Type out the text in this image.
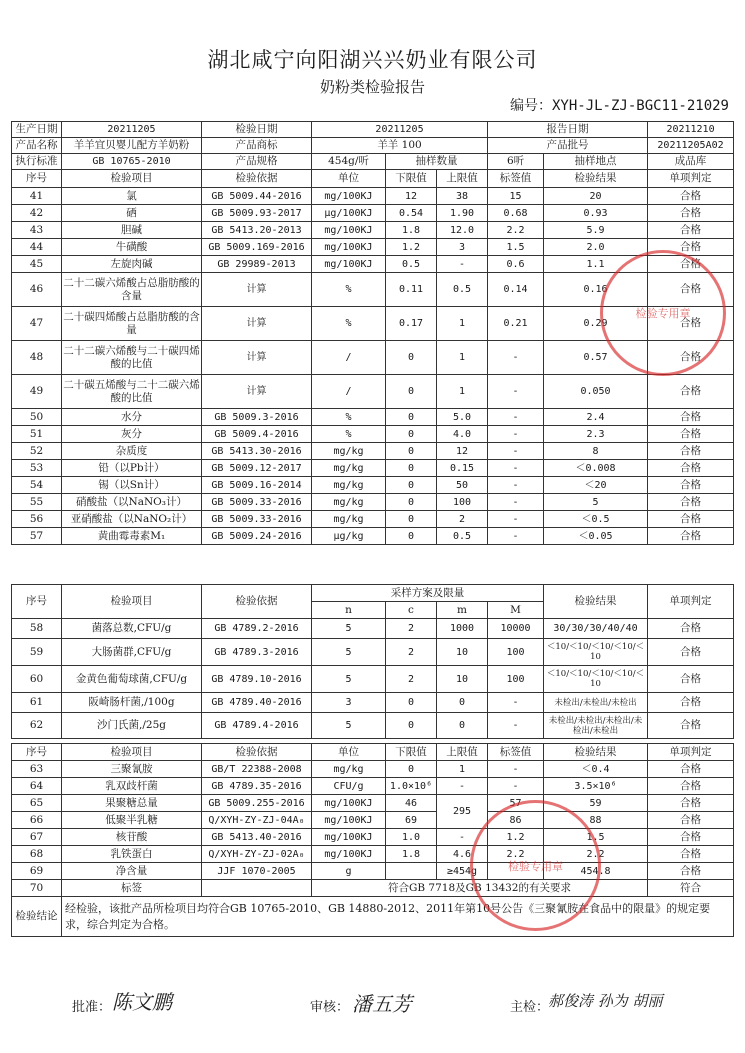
湖北咸宁向阳湖兴兴奶业有限公司
奶粉类检验报告
编号：XYH-JL-ZJ-BGC11-21029
生产日期	20211205	检验日期	20211205			报告日期		20211210
产品名称	羊羊宜贝婴儿配方羊奶粉	产品商标	羊羊 100			产品批号		20211205A02
执行标准	GB 10765-2010	产品规格	454g/听	抽样数量		6听	抽样地点	成品库
序号	检验项目	检验依据	单位	下限值	上限值	标签值	检验结果	单项判定
41	氯	GB 5009.44-2016	mg/100KJ	12	38	15	20	合格
42	硒	GB 5009.93-2017	μg/100KJ	0.54	1.90	0.68	0.93	合格
43	胆碱	GB 5413.20-2013	mg/100KJ	1.8	12.0	2.2	5.9	合格
44	牛磺酸	GB 5009.169-2016	mg/100KJ	1.2	3	1.5	2.0	合格
45	左旋肉碱	GB 29989-2013	mg/100KJ	0.5	-	0.6	1.1	合格
46	二十二碳六烯酸占总脂肪酸的含量	计算	%	0.11	0.5	0.14	0.16	合格
47	二十碳四烯酸占总脂肪酸的含量	计算	%	0.17	1	0.21	0.29	合格
48	二十二碳六烯酸与二十碳四烯酸的比值	计算	/	0	1	-	0.57	合格
49	二十碳五烯酸与二十二碳六烯酸的比值	计算	/	0	1	-	0.050	合格
50	水分	GB 5009.3-2016	%	0	5.0	-	2.4	合格
51	灰分	GB 5009.4-2016	%	0	4.0	-	2.3	合格
52	杂质度	GB 5413.30-2016	mg/kg	0	12	-	8	合格
53	铅（以Pb计）	GB 5009.12-2017	mg/kg	0	0.15	-	＜0.008	合格
54	锡（以Sn计）	GB 5009.16-2014	mg/kg	0	50	-	＜20	合格
55	硝酸盐（以NaNO₃计）	GB 5009.33-2016	mg/kg	0	100	-	5	合格
56	亚硝酸盐（以NaNO₂计）	GB 5009.33-2016	mg/kg	0	2	-	＜0.5	合格
57	黄曲霉毒素M₁	GB 5009.24-2016	μg/kg	0	0.5	-	＜0.05	合格
序号	检验项目	检验依据	采样方案及限量				检验结果	单项判定
			n	c	m	M		
58	菌落总数,CFU/g	GB 4789.2-2016	5	2	1000	10000	30/30/30/40/40	合格
59	大肠菌群,CFU/g	GB 4789.3-2016	5	2	10	100	＜10/＜10/＜10/＜10/＜10	合格
60	金黄色葡萄球菌,CFU/g	GB 4789.10-2016	5	2	10	100	＜10/＜10/＜10/＜10/＜10	合格
61	阪崎肠杆菌,/100g	GB 4789.40-2016	3	0	0	-	未检出/未检出/未检出	合格
62	沙门氏菌,/25g	GB 4789.4-2016	5	0	0	-	未检出/未检出/未检出/未检出/未检出	合格
序号	检验项目	检验依据	单位	下限值	上限值	标签值	检验结果	单项判定
63	三聚氰胺	GB/T 22388-2008	mg/kg	0	1	-	＜0.4	合格
64	乳双歧杆菌	GB 4789.35-2016	CFU/g	1.0×10⁶	-	-	3.5×10⁶	合格
65	果聚糖总量	GB 5009.255-2016	mg/100KJ	46	295	57	59	合格
66	低聚半乳糖	Q/XYH-ZY-ZJ-04A₀	mg/100KJ	69		86	88	合格
67	核苷酸	GB 5413.40-2016	mg/100KJ	1.0	-	1.2	1.5	合格
68	乳铁蛋白	Q/XYH-ZY-ZJ-02A₀	mg/100KJ	1.8	4.6	2.2	2.2	合格
69	净含量	JJF 1070-2005	g		≥454g		454.8	合格
70	标签		符合GB 7718及GB 13432的有关要求					符合
检验结论	经检验，该批产品所检项目均符合GB 10765-2010、GB 14880-2012、2011年第10号公告《三聚氰胺在食品中的限量》的规定要求，综合判定为合格。							
批准： 陈文鹏	审核： 潘五芳	主检：
郝俊涛 孙为 胡丽
检验专用章
检验专用章
